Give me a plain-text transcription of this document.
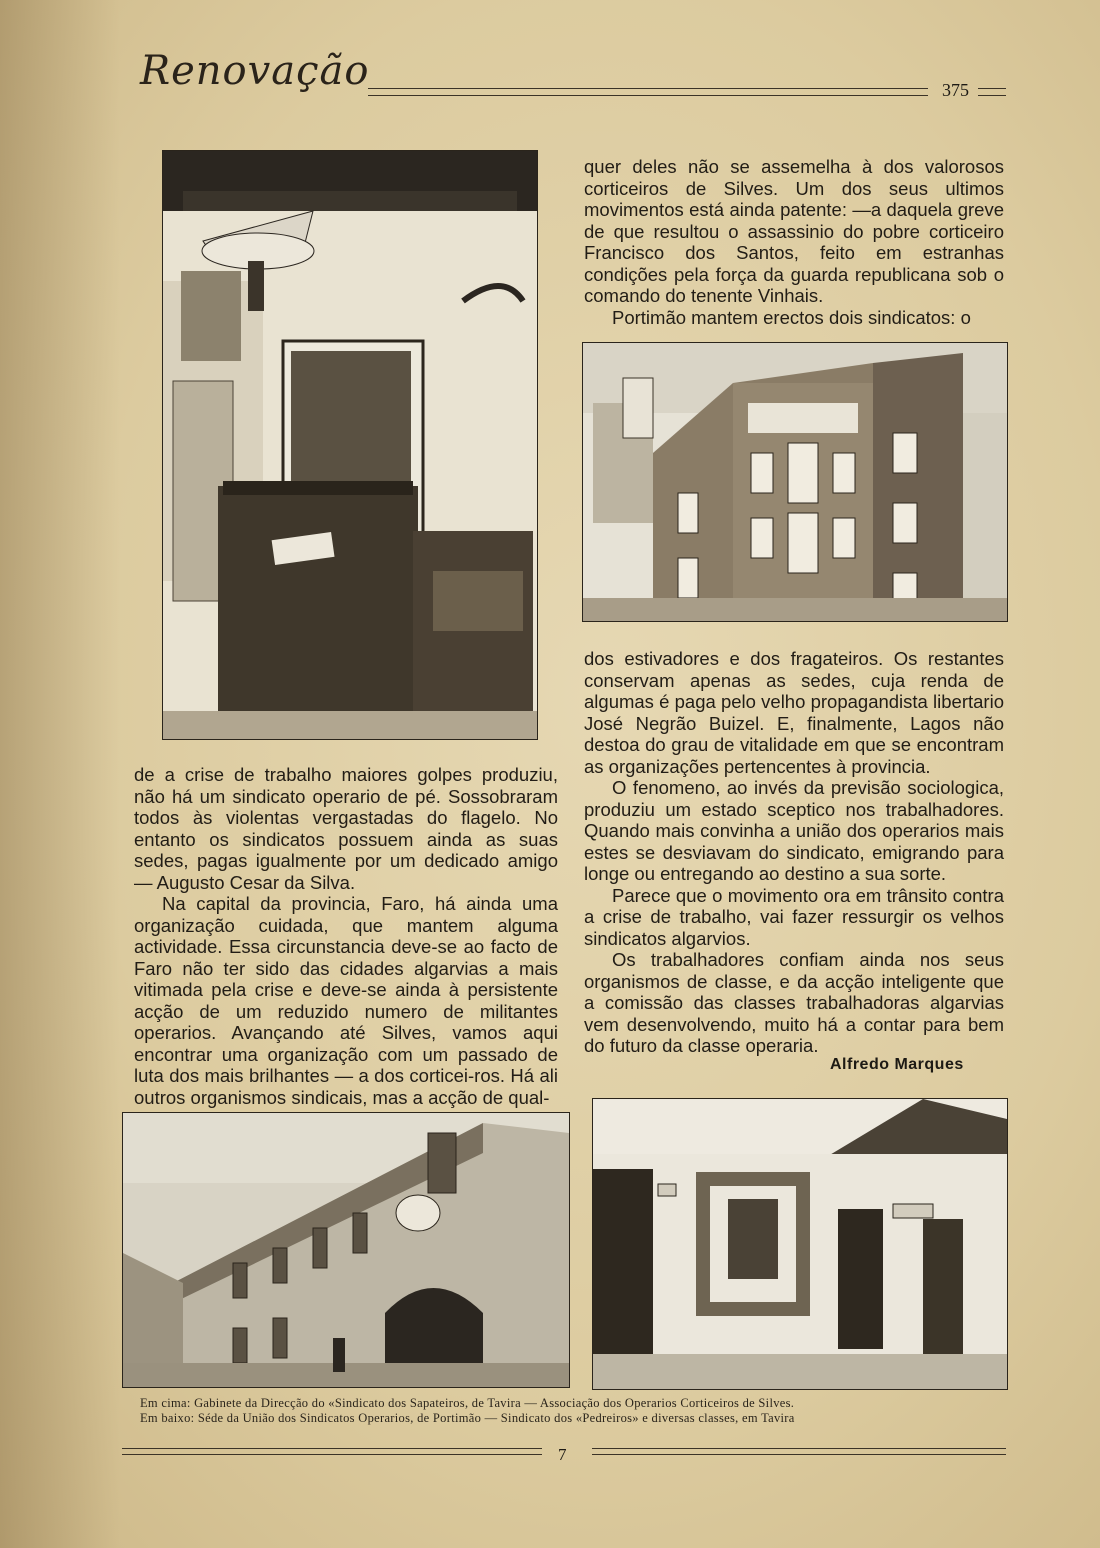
Renovação	375

de a crise de trabalho maiores golpes produziu, não há um sindicato operario de pé. Sossobraram todos às violentas vergastadas do flagelo. No entanto os sindicatos possuem ainda as suas sedes, pagas igualmente por um dedicado amigo — Augusto Cesar da Silva.

Na capital da provincia, Faro, há ainda uma organização cuidada, que mantem alguma actividade. Essa circunstancia deve-se ao facto de Faro não ter sido das cidades algarvias a mais vitimada pela crise e deve-se ainda à persistente acção de um reduzido numero de militantes operarios. Avançando até Silves, vamos aqui encontrar uma organização com um passado de luta dos mais brilhantes — a dos corticei-ros. Há ali outros organismos sindicais, mas a acção de qual-

quer deles não se assemelha à dos valorosos corticeiros de Silves. Um dos seus ultimos movimentos está ainda patente: —a daquela greve de que resultou o assassinio do pobre corticeiro Francisco dos Santos, feito em estranhas condições pela força da guarda republicana sob o comando do tenente Vinhais.

Portimão mantem erectos dois sindicatos: o

dos estivadores e dos fragateiros. Os restantes conservam apenas as sedes, cuja renda de algumas é paga pelo velho propagandista libertario José Negrão Buizel. E, finalmente, Lagos não destoa do grau de vitalidade em que se encontram as organizações pertencentes à provincia.

O fenomeno, ao invés da previsão sociologica, produziu um estado sceptico nos trabalhadores. Quando mais convinha a união dos operarios mais estes se desviavam do sindicato, emigrando para longe ou entregando ao destino a sua sorte.

Parece que o movimento ora em trânsito contra a crise de trabalho, vai fazer ressurgir os velhos sindicatos algarvios.

Os trabalhadores confiam ainda nos seus organismos de classe, e da acção inteligente que a comissão das classes trabalhadoras algarvias vem desenvolvendo, muito há a contar para bem do futuro da classe operaria.

Alfredo Marques
Em cima: Gabinete da Direcção do «Sindicato dos Sapateiros, de Tavira — Associação dos Operarios Corticeiros de Silves.
Em baixo: Séde da União dos Sindicatos Operarios, de Portimão — Sindicato dos «Pedreiros» e diversas classes, em Tavira
7
